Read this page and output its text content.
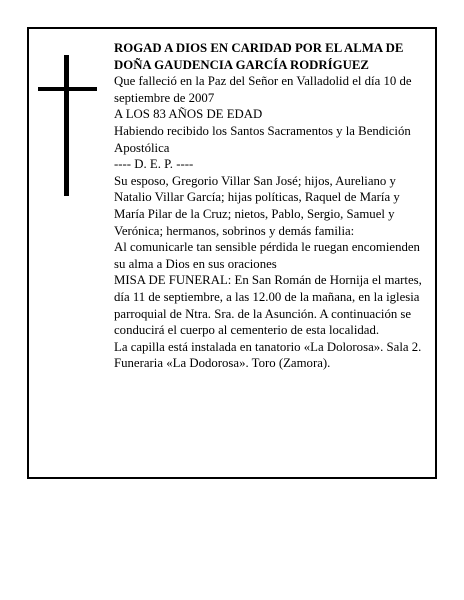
ROGAD A DIOS EN CARIDAD POR EL ALMA DE

DOÑA GAUDENCIA GARCÍA RODRÍGUEZ

Que falleció en la Paz del Señor en Valladolid el día 10 de septiembre de 2007

A LOS 83 AÑOS DE EDAD

Habiendo recibido los Santos Sacramentos y la Bendición Apostólica

---- D. E. P. ----

Su esposo, Gregorio Villar San José; hijos, Aureliano y Natalio Villar García; hijas políticas, Raquel de María y María Pilar de la Cruz; nietos, Pablo, Sergio, Samuel y Verónica; hermanos, sobrinos y demás familia:

Al comunicarle tan sensible pérdida le ruegan encomienden su alma a Dios en sus oraciones

MISA DE FUNERAL: En San Román de Hornija el martes, día 11 de septiembre, a las 12.00 de la mañana, en la iglesia parroquial de Ntra. Sra. de la Asunción. A continuación se conducirá el cuerpo al cementerio de esta localidad.

La capilla está instalada en tanatorio «La Dolorosa». Sala 2.

Funeraria «La Dodorosa». Toro (Zamora).
